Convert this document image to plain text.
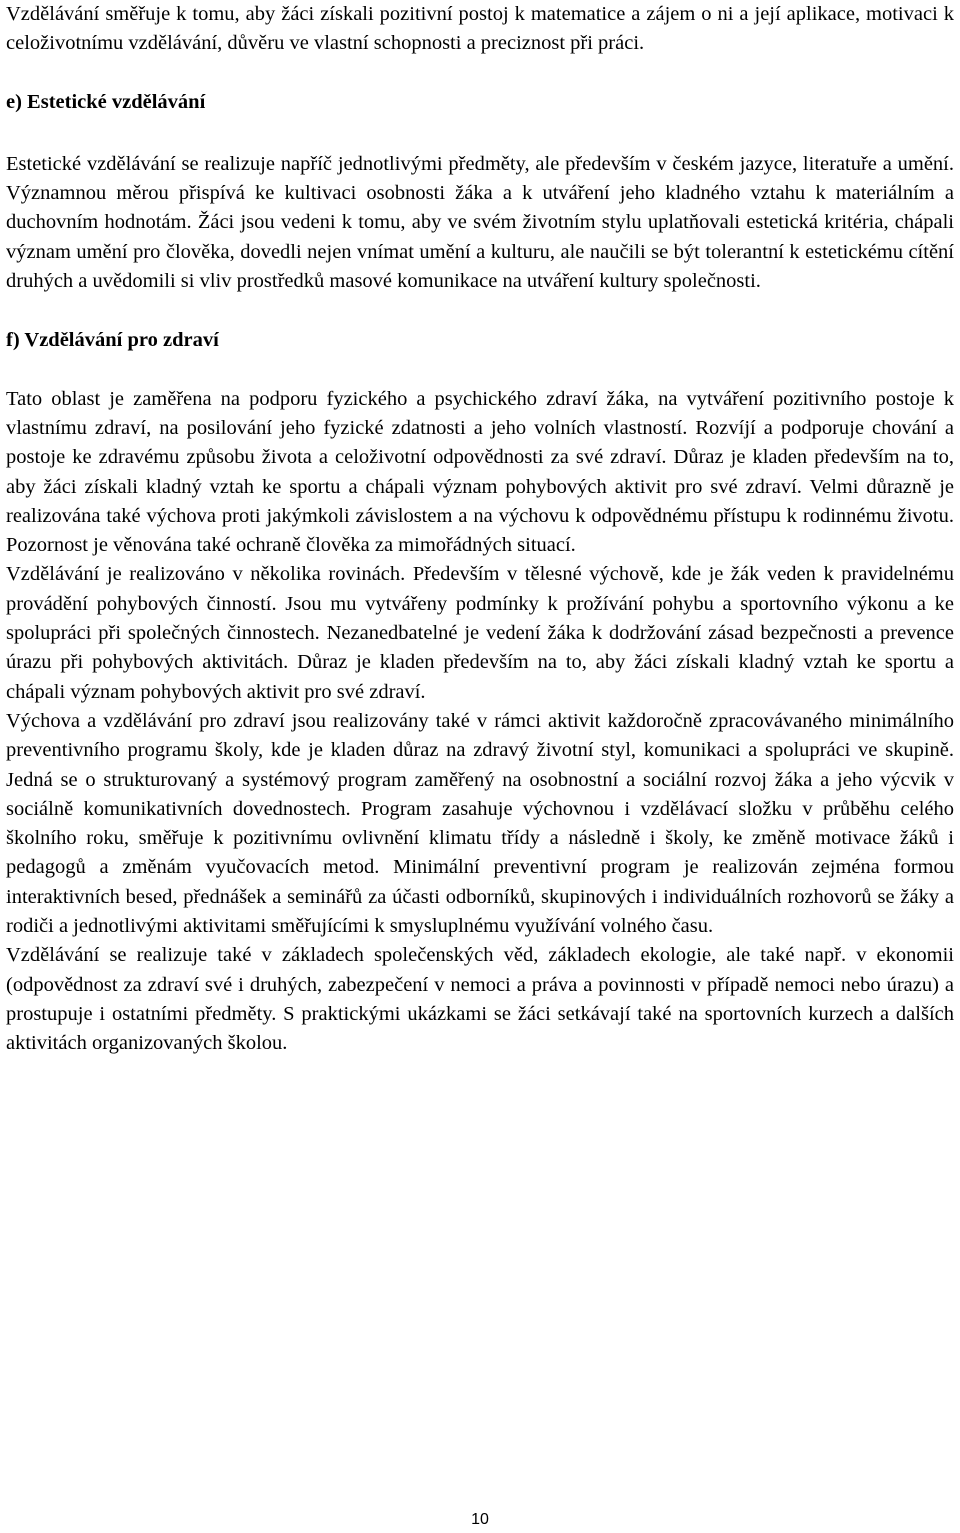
Vzdělávání směřuje k tomu, aby žáci získali pozitivní postoj k matematice a zájem o ni a její aplikace, motivaci k celoživotnímu vzdělávání, důvěru ve vlastní schopnosti a preciznost při práci.

e) Estetické vzdělávání

Estetické vzdělávání se realizuje napříč jednotlivými předměty, ale především v českém jazyce, literatuře a umění. Významnou měrou přispívá ke kultivaci osobnosti žáka a k utváření jeho kladného vztahu k materiálním a duchovním hodnotám. Žáci jsou vedeni k tomu, aby ve svém životním stylu uplatňovali estetická kritéria, chápali význam umění pro člověka, dovedli nejen vnímat umění a kulturu, ale naučili se být tolerantní k estetickému cítění druhých a uvědomili si vliv prostředků masové komunikace na utváření kultury společnosti.

f) Vzdělávání pro zdraví

Tato oblast je zaměřena na podporu fyzického a psychického zdraví žáka, na vytváření pozitivního postoje k vlastnímu zdraví, na posilování jeho fyzické zdatnosti a jeho volních vlastností. Rozvíjí a podporuje chování a postoje ke zdravému způsobu života a celoživotní odpovědnosti za své zdraví. Důraz je kladen především na to, aby žáci získali kladný vztah ke sportu a chápali význam pohybových aktivit pro své zdraví. Velmi důrazně je realizována také výchova proti jakýmkoli závislostem a na výchovu k odpovědnému přístupu k rodinnému životu. Pozornost je věnována také ochraně člověka za mimořádných situací.

Vzdělávání je realizováno v několika rovinách. Především v tělesné výchově, kde je žák veden k pravidelnému provádění pohybových činností. Jsou mu vytvářeny podmínky k prožívání pohybu a sportovního výkonu a ke spolupráci při společných činnostech. Nezanedbatelné je vedení žáka k dodržování zásad bezpečnosti a prevence úrazu při pohybových aktivitách. Důraz je kladen především na to, aby žáci získali kladný vztah ke sportu a chápali význam pohybových aktivit pro své zdraví.

Výchova a vzdělávání pro zdraví jsou realizovány také v rámci aktivit každoročně zpracovávaného minimálního preventivního programu školy, kde je kladen důraz na zdravý životní styl, komunikaci a spolupráci ve skupině. Jedná se o strukturovaný a systémový program zaměřený na osobnostní a sociální rozvoj žáka a jeho výcvik v sociálně komunikativních dovednostech. Program zasahuje výchovnou i vzdělávací složku v průběhu celého školního roku, směřuje k pozitivnímu ovlivnění klimatu třídy a následně i školy, ke změně motivace žáků i pedagogů a změnám vyučovacích metod. Minimální preventivní program je realizován zejména formou interaktivních besed, přednášek a seminářů za účasti odborníků, skupinových i individuálních rozhovorů se žáky a rodiči a jednotlivými aktivitami směřujícími k smysluplnému využívání volného času.

Vzdělávání se realizuje také v základech společenských věd, základech ekologie, ale také např. v ekonomii (odpovědnost za zdraví své i druhých, zabezpečení v nemoci a práva a povinnosti v případě nemoci nebo úrazu) a prostupuje i ostatními předměty. S praktickými ukázkami se žáci setkávají také na sportovních kurzech a dalších aktivitách organizovaných školou.

10
